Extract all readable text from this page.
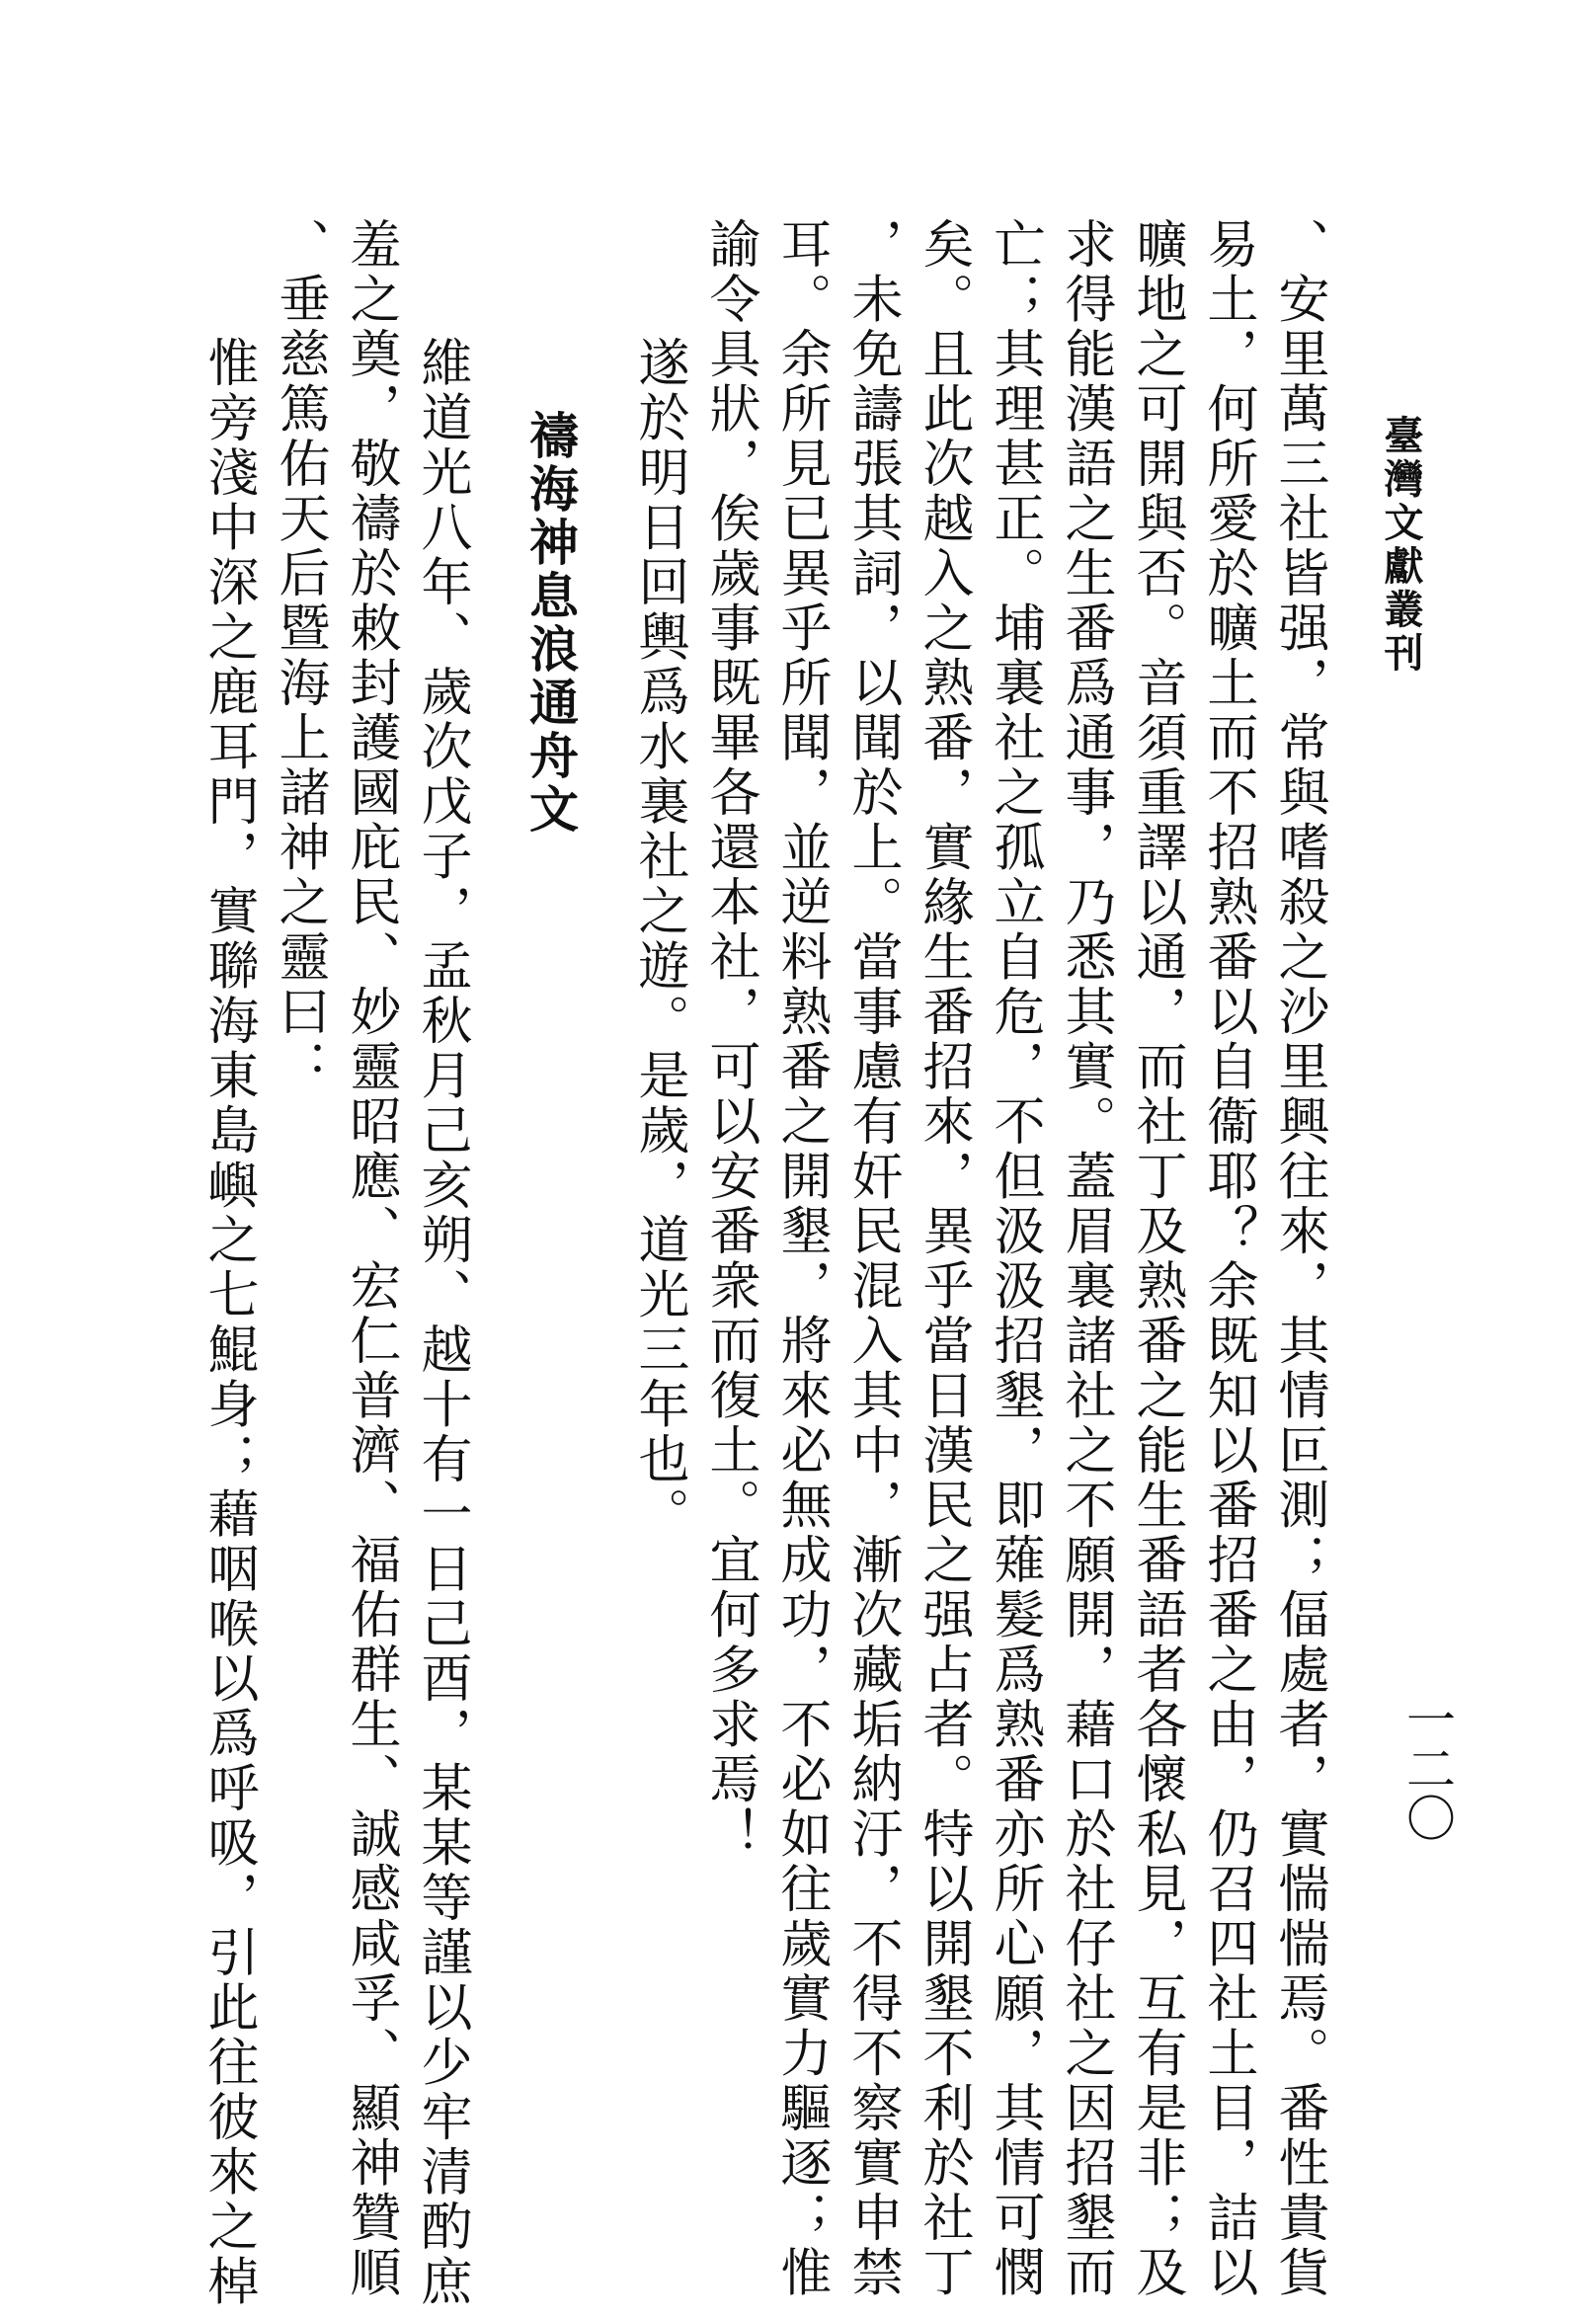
臺灣文獻叢刊
一二〇
、安里萬三社皆强，常與嗜殺之沙里興往來，其情叵測；偪處者，實惴惴焉。番性貴貨
易土，何所愛於曠土而不招熟番以自衞耶？余既知以番招番之由，仍召四社土目，詰以
曠地之可開與否。音須重譯以通，而社丁及熟番之能生番語者各懷私見，互有是非；及
求得能漢語之生番爲通事，乃悉其實。蓋眉裏諸社之不願開，藉口於社仔社之因招墾而
亡；其理甚正。埔裏社之孤立自危，不但汲汲招墾，即薙髮爲熟番亦所心願，其情可憫
矣。且此次越入之熟番，實緣生番招來，異乎當日漢民之强占者。特以開墾不利於社丁
，未免譸張其詞，以聞於上。當事慮有奸民混入其中，漸次藏垢納汙，不得不察實申禁
耳。余所見已異乎所聞，並逆料熟番之開墾，將來必無成功，不必如往歲實力驅逐；惟
諭令具狀，俟歲事既畢各還本社，可以安番衆而復土。宜何多求焉！
遂於明日回輿爲水裏社之遊。是歲，道光三年也。
禱海神息浪通舟文
維道光八年、歲次戊子，孟秋月己亥朔、越十有一日己酉，某某等謹以少牢清酌庶
羞之奠，敬禱於敕封護國庇民、妙靈昭應、宏仁普濟、福佑群生、誠感咸孚、顯神贊順
、垂慈篤佑天后暨海上諸神之靈曰：
惟旁淺中深之鹿耳門，實聯海東島嶼之七鯤身；藉咽喉以爲呼吸，引此往彼來之棹
